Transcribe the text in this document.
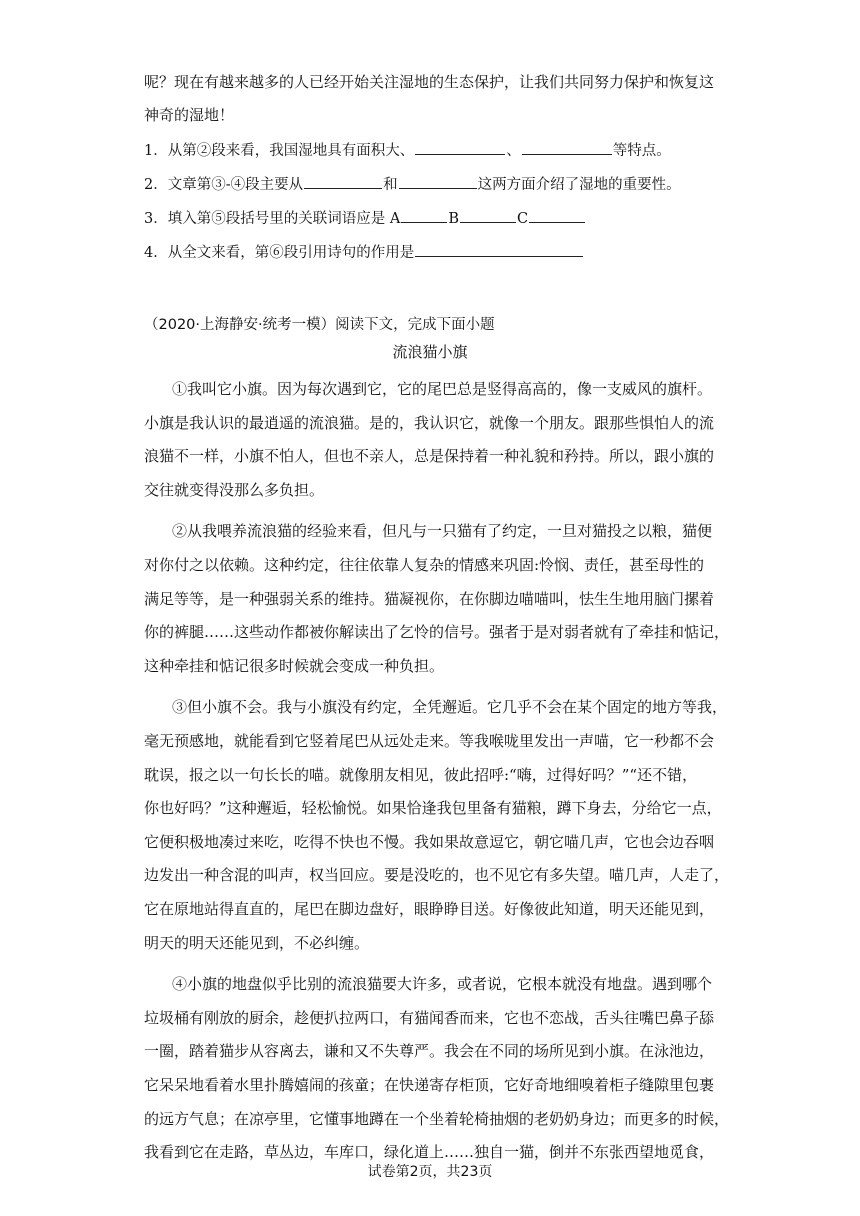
呢？现在有越来越多的人已经开始关注湿地的生态保护，让我们共同努力保护和恢复这
神奇的湿地！
1．从第②段来看，我国湿地具有面积大、	、	等特点。
2．文章第③-④段主要从	和	这两方面介绍了湿地的重要性。
3．填入第⑤段括号里的关联词语应是 A	B	C
4．从全文来看，第⑥段引用诗句的作用是
（2020·上海静安·统考一模）阅读下文，完成下面小题
流浪猫小旗
①我叫它小旗。因为每次遇到它，它的尾巴总是竖得高高的，像一支威风的旗杆。
小旗是我认识的最逍遥的流浪猫。是的，我认识它，就像一个朋友。跟那些惧怕人的流
浪猫不一样，小旗不怕人，但也不亲人，总是保持着一种礼貌和矜持。所以，跟小旗的
交往就变得没那么多负担。
②从我喂养流浪猫的经验来看，但凡与一只猫有了约定，一旦对猫投之以粮，猫便
对你付之以依赖。这种约定，往往依靠人复杂的情感来巩固:怜悯、责任，甚至母性的
满足等等，是一种强弱关系的维持。猫凝视你，在你脚边喵喵叫，怯生生地用脑门摞着
你的裤腿……这些动作都被你解读出了乞怜的信号。强者于是对弱者就有了牵挂和惦记，
这种牵挂和惦记很多时候就会变成一种负担。
③但小旗不会。我与小旗没有约定，全凭邂逅。它几乎不会在某个固定的地方等我，
毫无预感地，就能看到它竖着尾巴从远处走来。等我喉咙里发出一声喵，它一秒都不会
耽误，报之以一句长长的喵。就像朋友相见，彼此招呼:“嗨，过得好吗？”“还不错，
你也好吗？”这种邂逅，轻松愉悦。如果恰逢我包里备有猫粮，蹲下身去，分给它一点，
它便积极地凑过来吃，吃得不快也不慢。我如果故意逗它，朝它喵几声，它也会边吞咽
边发出一种含混的叫声，权当回应。要是没吃的，也不见它有多失望。喵几声，人走了，
它在原地站得直直的，尾巴在脚边盘好，眼睁睁目送。好像彼此知道，明天还能见到，
明天的明天还能见到，不必纠缠。
④小旗的地盘似乎比别的流浪猫要大许多，或者说，它根本就没有地盘。遇到哪个
垃圾桶有刚放的厨余，趁便扒拉两口，有猫闻香而来，它也不恋战，舌头往嘴巴鼻子舔
一圈，踏着猫步从容离去，谦和又不失尊严。我会在不同的场所见到小旗。在泳池边，
它呆呆地看着水里扑腾嬉闹的孩童；在快递寄存柜顶，它好奇地细嗅着柜子缝隙里包裹
的远方气息；在凉亭里，它懂事地蹲在一个坐着轮椅抽烟的老奶奶身边；而更多的时候，
我看到它在走路，草丛边，车库口，绿化道上……独自一猫，倒并不东张西望地觅食，
试卷第2页，共23页
